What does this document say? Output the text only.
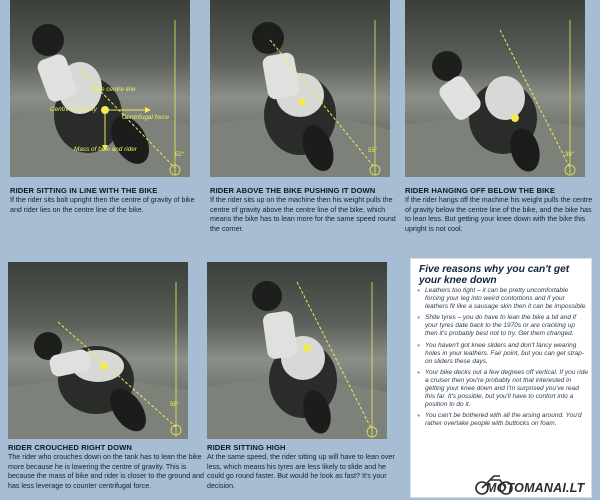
Bike centre line
Centre of gravity
Centrifugal force
Mass of bike and rider
52°
RIDER SITTING IN LINE WITH THE BIKE
If the rider sits bolt upright then the centre of gravity of bike and rider lies on the centre line of the bike.
55°
RIDER ABOVE THE BIKE PUSHING IT DOWN
If the rider sits up on the machine then his weight pulls the centre of gravity above the centre line of the bike, which means the bike has to lean more for the same speed round the corner.
38°
RIDER HANGING OFF BELOW THE BIKE
If the rider hangs off the machine his weight pulls the centre of gravity below the centre line of the bike, and the bike has to lean less. But getting your knee down with the bike this upright is not cool.
58°
RIDER CROUCHED RIGHT DOWN
The rider who crouches down on the tank has to lean the bike more because he is lowering the centre of gravity. This is because the mass of bike and rider is closer to the ground and has less leverage to counter centrifugal force.
RIDER SITTING HIGH
At the same speed, the rider sitting up will have to lean over less, which means his tyres are less likely to slide and he could go round faster. But would he look as fast? It's your decision.
Five reasons why you can't get your knee down
● Leathers too tight – it can be pretty uncomfortable forcing your leg into weird contortions and if your leathers fit like a sausage skin then it can be impossible.
● Shite tyres – you do have to lean the bike a bit and if your tyres date back to the 1970s or are cracking up then it's probably best not to try. Get them changed.
● You haven't got knee sliders and don't fancy wearing holes in your leathers. Fair point, but you can get strap-on sliders these days.
● Your bike decks out a few degrees off vertical. If you ride a cruiser then you're probably not that interested in getting your knee down and I'm surprised you've read this far. It's possible, but you'll have to contort into a position to do it.
● You can't be bothered with all the arsing around. You'd rather overtake people with buttocks on foam.
MOTOMANAI.LT
